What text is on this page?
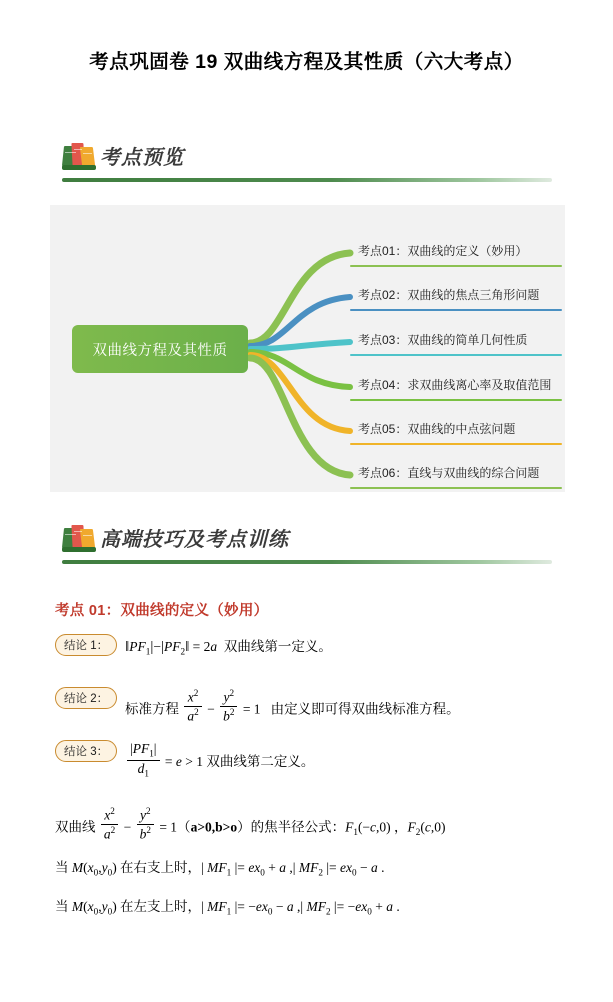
考点巩固卷 19 双曲线方程及其性质（六大考点）
考点预览
双曲线方程及其性质
考点01：双曲线的定义（妙用）
考点02：双曲线的焦点三角形问题
考点03：双曲线的简单几何性质
考点04：求双曲线离心率及取值范围
考点05：双曲线的中点弦问题
考点06：直线与双曲线的综合问题
高端技巧及考点训练
考点 01：双曲线的定义（妙用）
结论 1：	$‖PF_1|-|PF_2‖ = 2a$  双曲线第一定义。
结论 2：
标准方程 $\frac{x^2}{a^2} - \frac{y^2}{b^2} = 1$   由定义即可得双曲线标准方程。
结论 3：	$\frac{|PF_1|}{d_1} = e > 1$ 双曲线第二定义。
双曲线 $\frac{x^2}{a^2} - \frac{y^2}{b^2} = 1(a>0,b>o)$的焦半径公式：$F_1(-c,0)$ ，$F_2(c,0)$
当 $M(x_0,y_0)$ 在右支上时，| $MF_1$ |= $ex_0 + a$ ,| $MF_2$ |= $ex_0 - a$ .
当 $M(x_0,y_0)$ 在左支上时，| $MF_1$ |= $-ex_0 - a$ ,| $MF_2$ |= $-ex_0 + a$ .
